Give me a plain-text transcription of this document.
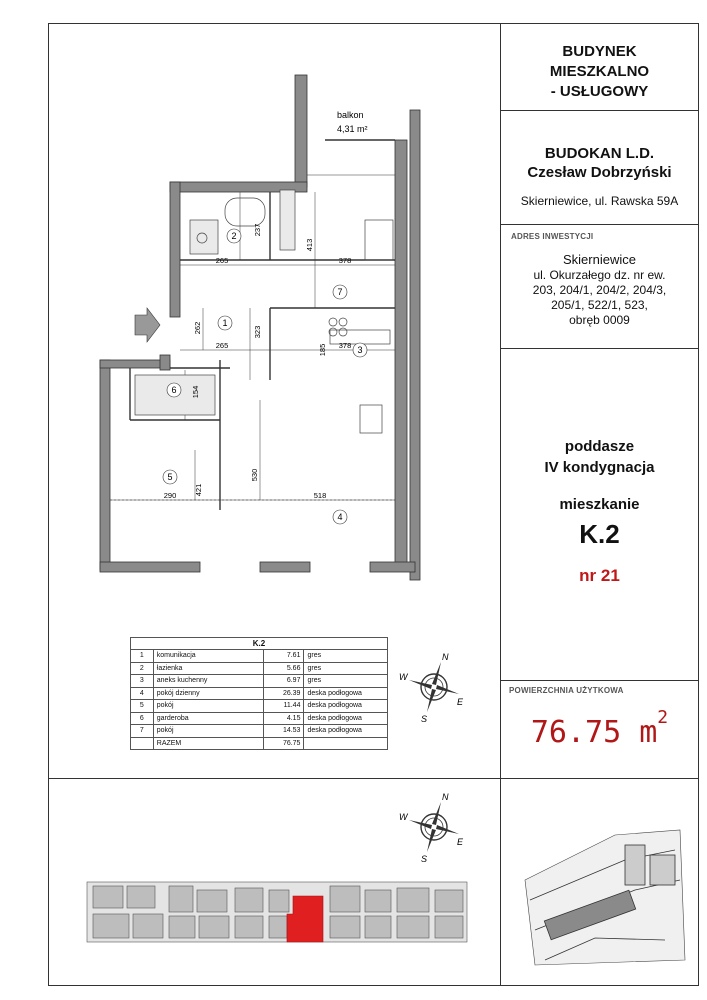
BUDYNEK
MIESZKALNO
- USŁUGOWY
BUDOKAN L.D.
Czesław Dobrzyński
Skierniewice, ul. Rawska 59A
ADRES INWESTYCJI
Skierniewice
ul. Okurzałego dz. nr ew.
203, 204/1, 204/2, 204/3,
205/1, 522/1, 523,
obręb 0009
poddasze
IV kondygnacja
mieszkanie
K.2
nr 21
POWIERZCHNIA UŻYTKOWA
76.75 $m^2$
balkon
4,31 m²
2
1
7
3
6
5
4
265	378
265	378
290	518
237
413
262	323
185
154
421
530
K.2			
1	komunikacja	7.61	gres
2	łazienka	5.66	gres
3	aneks kuchenny	6.97	gres
4	pokój dzienny	26.39	deska podłogowa
5	pokój	11.44	deska podłogowa
6	garderoba	4.15	deska podłogowa
7	pokój	14.53	deska podłogowa
	RAZEM	76.75	
N
S
E
W
N
S
E
W
